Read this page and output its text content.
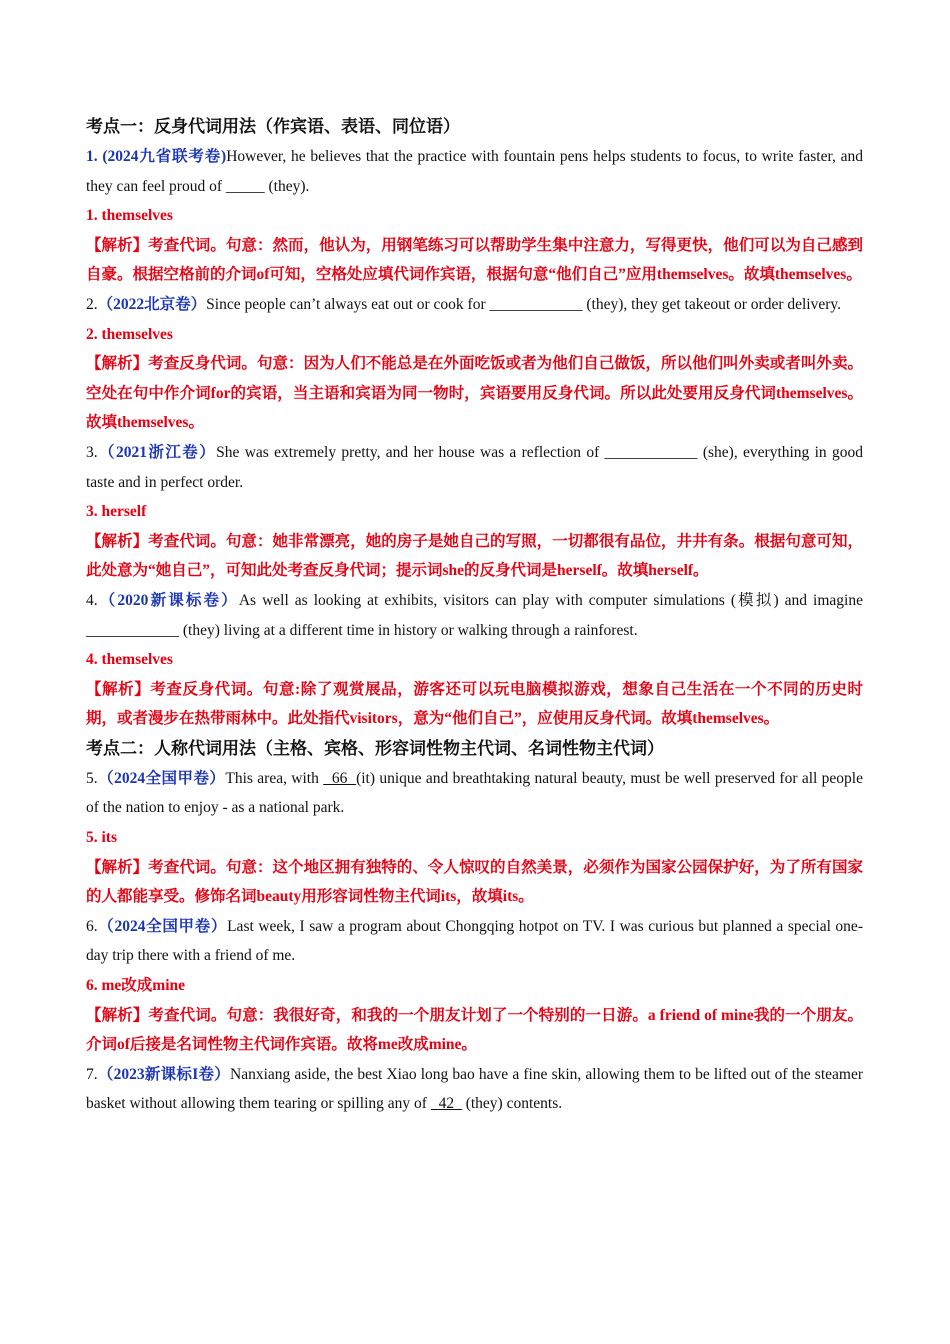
考点一：反身代词用法（作宾语、表语、同位语）

1. (2024九省联考卷)However, he believes that the practice with fountain pens helps students to focus, to write faster, and they can feel proud of _____ (they).

1. themselves

【解析】考查代词。句意：然而，他认为，用钢笔练习可以帮助学生集中注意力，写得更快，他们可以为自己感到自豪。根据空格前的介词of可知，空格处应填代词作宾语，根据句意“他们自己”应用themselves。故填themselves。

2.（2022北京卷）Since people can’t always eat out or cook for ____________ (they), they get takeout or order delivery.

2. themselves

【解析】考查反身代词。句意：因为人们不能总是在外面吃饭或者为他们自己做饭，所以他们叫外卖或者叫外卖。空处在句中作介词for的宾语，当主语和宾语为同一物时，宾语要用反身代词。所以此处要用反身代词themselves。故填themselves。

3.（2021浙江卷）She was extremely pretty, and her house was a reflection of ____________ (she), everything in good taste and in perfect order.

3. herself

【解析】考查代词。句意：她非常漂亮，她的房子是她自己的写照，一切都很有品位，井井有条。根据句意可知，此处意为“她自己”，可知此处考查反身代词；提示词she的反身代词是herself。故填herself。

4.（2020新课标卷）As well as looking at exhibits, visitors can play with computer simulations (模拟) and imagine ____________ (they) living at a different time in history or walking through a rainforest.

4. themselves

【解析】考查反身代词。句意:除了观赏展品，游客还可以玩电脑模拟游戏，想象自己生活在一个不同的历史时期，或者漫步在热带雨林中。此处指代visitors，意为“他们自己”，应使用反身代词。故填themselves。

考点二：人称代词用法（主格、宾格、形容词性物主代词、名词性物主代词）

5.（2024全国甲卷）This area, with   66  (it) unique and breathtaking natural beauty, must be well preserved for all people of the nation to enjoy - as a national park.

5. its

【解析】考查代词。句意：这个地区拥有独特的、令人惊叹的自然美景，必须作为国家公园保护好，为了所有国家的人都能享受。修饰名词beauty用形容词性物主代词its，故填its。

6.（2024全国甲卷）Last week, I saw a program about Chongqing hotpot on TV. I was curious but planned a special one-day trip there with a friend of me.

6. me改成mine

【解析】考查代词。句意：我很好奇，和我的一个朋友计划了一个特别的一日游。a friend of mine我的一个朋友。介词of后接是名词性物主代词作宾语。故将me改成mine。

7.（2023新课标I卷）Nanxiang aside, the best Xiao long bao have a fine skin, allowing them to be lifted out of the steamer basket without allowing them tearing or spilling any of   42   (they) contents.
